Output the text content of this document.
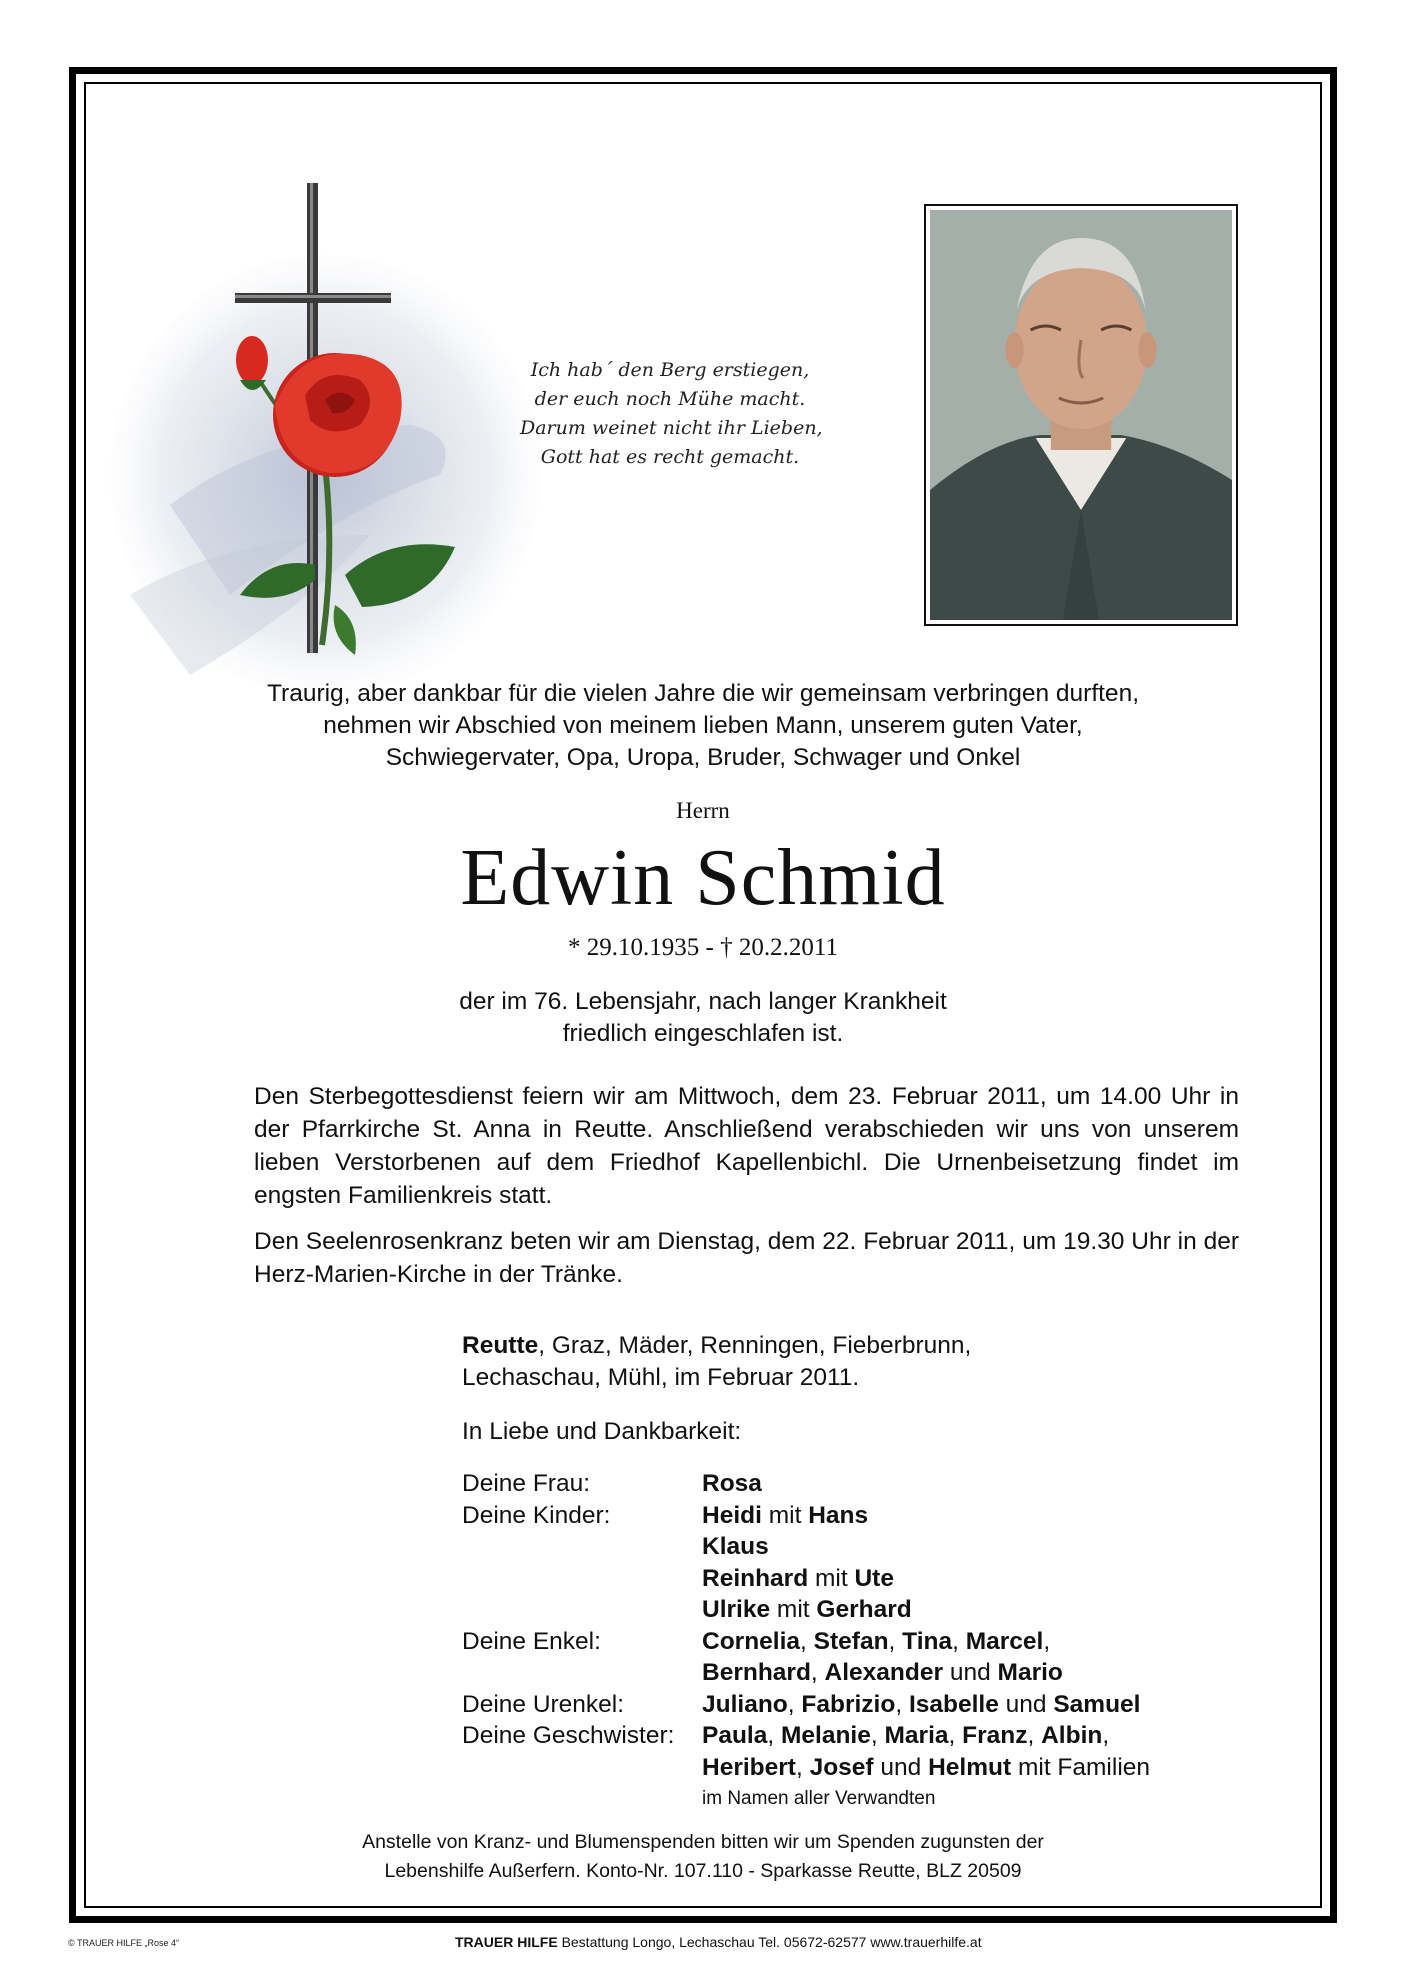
Ich hab´ den Berg erstiegen,
der euch noch Mühe macht.
Darum weinet nicht ihr Lieben,
Gott hat es recht gemacht.
Traurig, aber dankbar für die vielen Jahre die wir gemeinsam verbringen durften,
nehmen wir Abschied von meinem lieben Mann, unserem guten Vater,
Schwiegervater, Opa, Uropa, Bruder, Schwager und Onkel
Herrn
Edwin Schmid
* 29.10.1935 - † 20.2.2011
der im 76. Lebensjahr, nach langer Krankheit
friedlich eingeschlafen ist.
Den Sterbegottesdienst feiern wir am Mittwoch, dem 23. Februar 2011, um 14.00 Uhr in der Pfarrkirche St. Anna in Reutte. Anschließend verabschieden wir uns von unserem lieben Verstorbenen auf dem Friedhof Kapellenbichl. Die Urnenbeisetzung findet im engsten Familienkreis statt.
Den Seelenrosenkranz beten wir am Dienstag, dem 22. Februar 2011, um 19.30 Uhr in der Herz-Marien-Kirche in der Tränke.
Reutte, Graz, Mäder, Renningen, Fieberbrunn,
Lechaschau, Mühl, im Februar 2011.
In Liebe und Dankbarkeit:
Deine Frau:	Rosa
Deine Kinder:	Heidi mit Hans
Klaus
Reinhard mit Ute
Ulrike mit Gerhard
Deine Enkel:	Cornelia, Stefan, Tina, Marcel,
Bernhard, Alexander und Mario
Deine Urenkel:	Juliano, Fabrizio, Isabelle und Samuel
Deine Geschwister:	Paula, Melanie, Maria, Franz, Albin,
Heribert, Josef und Helmut mit Familien
im Namen aller Verwandten
Anstelle von Kranz- und Blumenspenden bitten wir um Spenden zugunsten der
Lebenshilfe Außerfern. Konto-Nr. 107.110 - Sparkasse Reutte, BLZ 20509
© TRAUER HILFE „Rose 4“	TRAUER HILFE Bestattung Longo, Lechaschau Tel. 05672-62577 www.trauerhilfe.at
